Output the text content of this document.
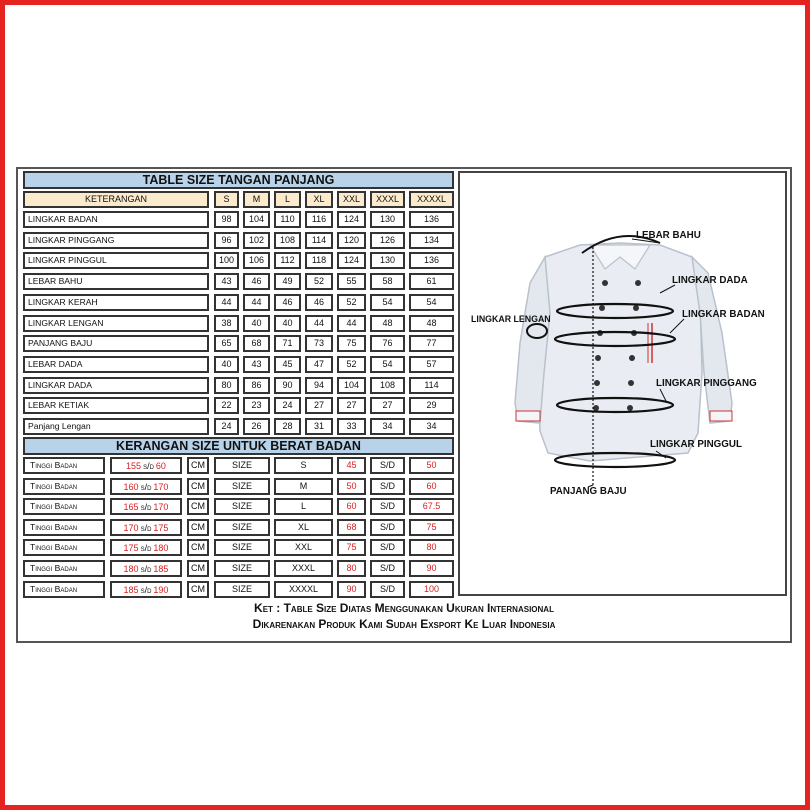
TABLE SIZE TANGAN PANJANG
KETERANGAN	S	M	L	XL	XXL	XXXL	XXXXL
LINGKAR BADAN	98	104	110	116	124	130	136
LINGKAR PINGGANG	96	102	108	114	120	126	134
LINGKAR PINGGUL	100	106	112	118	124	130	136
LEBAR BAHU	43	46	49	52	55	58	61
LINGKAR KERAH	44	44	46	46	52	54	54
LINGKAR LENGAN	38	40	40	44	44	48	48
PANJANG BAJU	65	68	71	73	75	76	77
LEBAR DADA	40	43	45	47	52	54	57
LINGKAR DADA	80	86	90	94	104	108	114
LEBAR KETIAK	22	23	24	27	27	27	29
Panjang Lengan	24	26	28	31	33	34	34
KERANGAN SIZE UNTUK BERAT BADAN
Tinggi Badan	155 s/d 60	CM	SIZE	S	45	S/D	50
Tinggi Badan	160 s/d 170	CM	SIZE	M	50	S/D	60
Tinggi Badan	165 s/d 170	CM	SIZE	L	60	S/D	67.5
Tinggi Badan	170 s/d 175	CM	SIZE	XL	68	S/D	75
Tinggi Badan	175 s/d 180	CM	SIZE	XXL	75	S/D	80
Tinggi Badan	180 s/d 185	CM	SIZE	XXXL	80	S/D	90
Tinggi Badan	185 s/d 190	CM	SIZE	XXXXL	90	S/D	100
LEBAR BAHU
LINGKAR DADA
LINGKAR LENGAN	LINGKAR BADAN
LINGKAR PINGGANG
LINGKAR PINGGUL
PANJANG BAJU
Ket : Table Size Diatas Menggunakan Ukuran Internasional
Dikarenakan Produk Kami Sudah Exsport Ke Luar Indonesia
